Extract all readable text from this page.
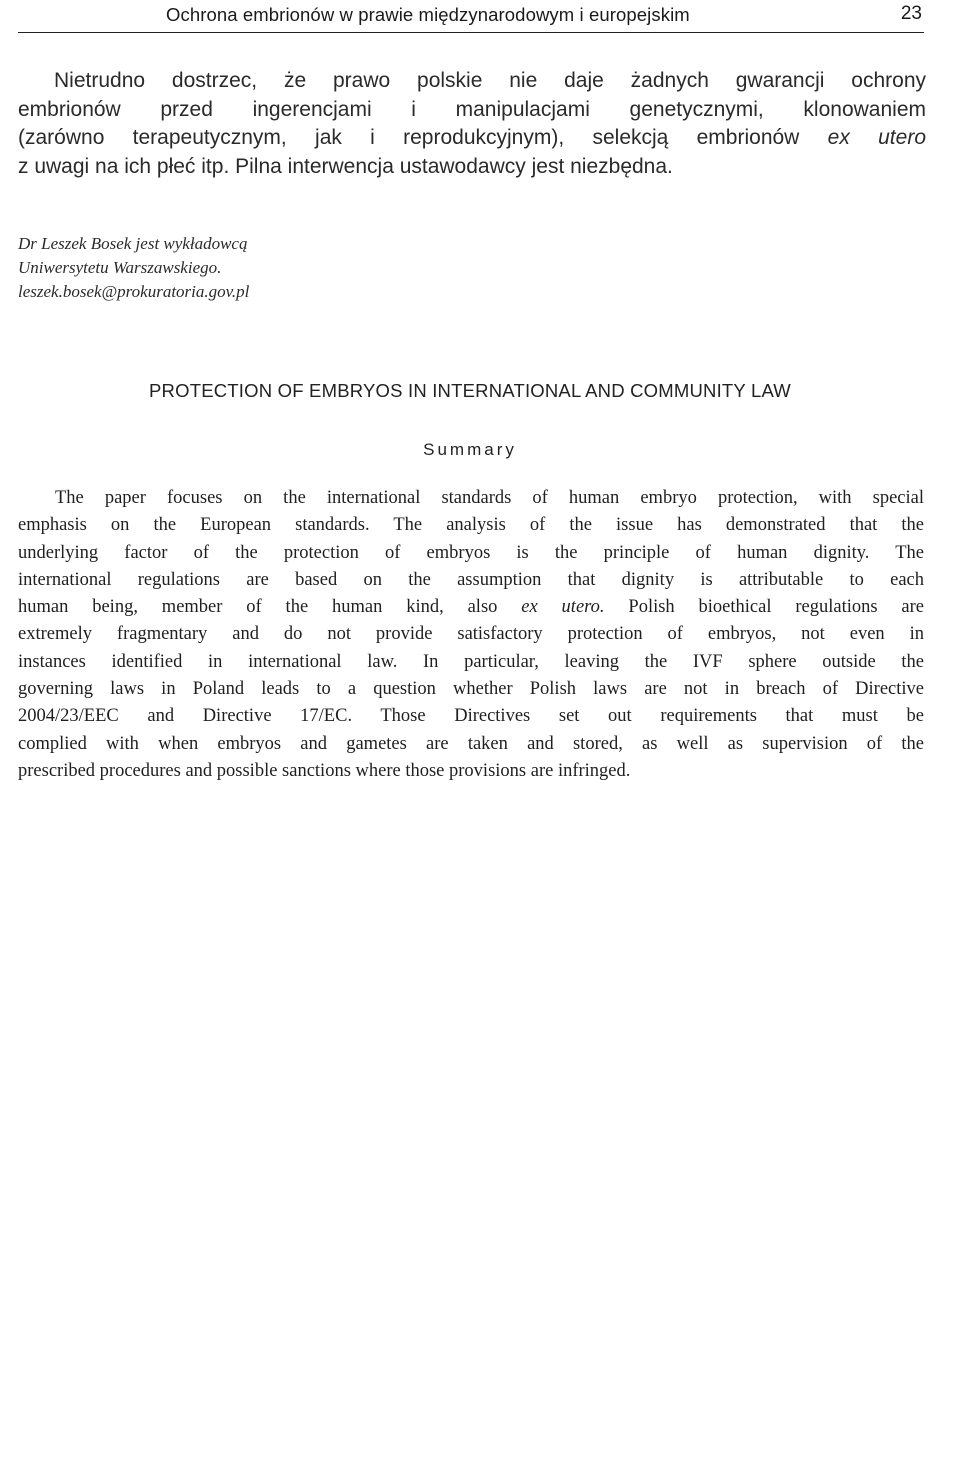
Ochrona embrionów w prawie międzynarodowym i europejskim	23
Nietrudno dostrzec, że prawo polskie nie daje żadnych gwarancji ochrony
embrionów przed ingerencjami i manipulacjami genetycznymi, klonowaniem
(zarówno terapeutycznym, jak i reprodukcyjnym), selekcją embrionów ex utero
z uwagi na ich płeć itp. Pilna interwencja ustawodawcy jest niezbędna.
Dr Leszek Bosek jest wykładowcą
Uniwersytetu Warszawskiego.
leszek.bosek@prokuratoria.gov.pl
PROTECTION OF EMBRYOS IN INTERNATIONAL AND COMMUNITY LAW
Summary
The paper focuses on the international standards of human embryo protection, with special
emphasis on the European standards. The analysis of the issue has demonstrated that the
underlying factor of the protection of embryos is the principle of human dignity. The
international regulations are based on the assumption that dignity is attributable to each
human being, member of the human kind, also ex utero. Polish bioethical regulations are
extremely fragmentary and do not provide satisfactory protection of embryos, not even in
instances identified in international law. In particular, leaving the IVF sphere outside the
governing laws in Poland leads to a question whether Polish laws are not in breach of Directive
2004/23/EEC and Directive 17/EC. Those Directives set out requirements that must be
complied with when embryos and gametes are taken and stored, as well as supervision of the
prescribed procedures and possible sanctions where those provisions are infringed.
